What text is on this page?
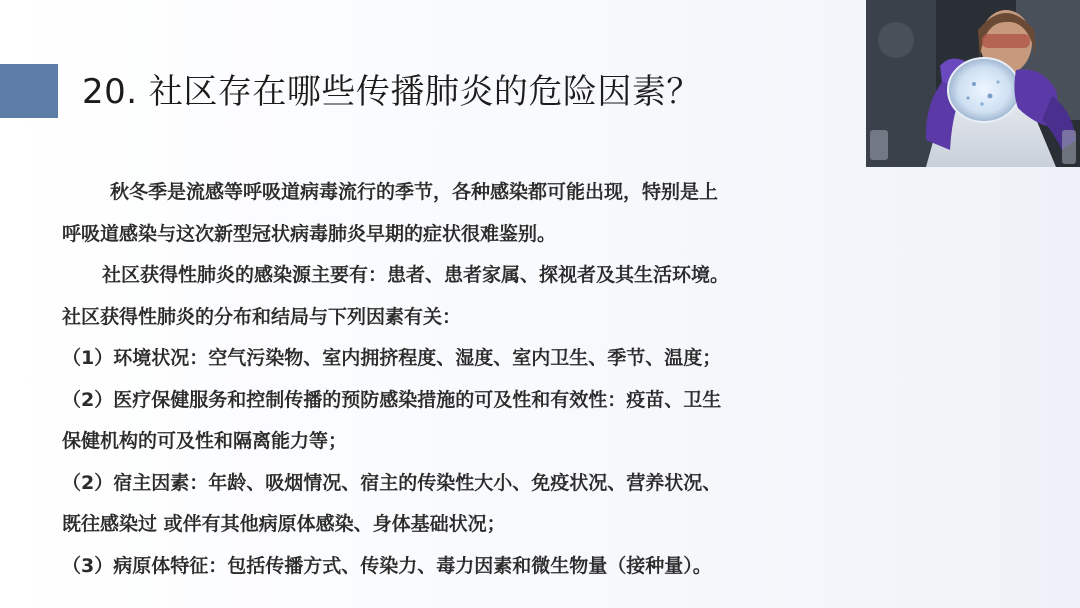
20. 社区存在哪些传播肺炎的危险因素？

秋冬季是流感等呼吸道病毒流行的季节，各种感染都可能出现，特别是上

呼吸道感染与这次新型冠状病毒肺炎早期的症状很难鉴别。

社区获得性肺炎的感染源主要有：患者、患者家属、探视者及其生活环境。

社区获得性肺炎的分布和结局与下列因素有关：

（1）环境状况：空气污染物、室内拥挤程度、湿度、室内卫生、季节、温度；

（2）医疗保健服务和控制传播的预防感染措施的可及性和有效性：疫苗、卫生

保健机构的可及性和隔离能力等；

（2）宿主因素：年龄、吸烟情况、宿主的传染性大小、免疫状况、营养状况、

既往感染过 或伴有其他病原体感染、身体基础状况；

（3）病原体特征：包括传播方式、传染力、毒力因素和微生物量（接种量）。
